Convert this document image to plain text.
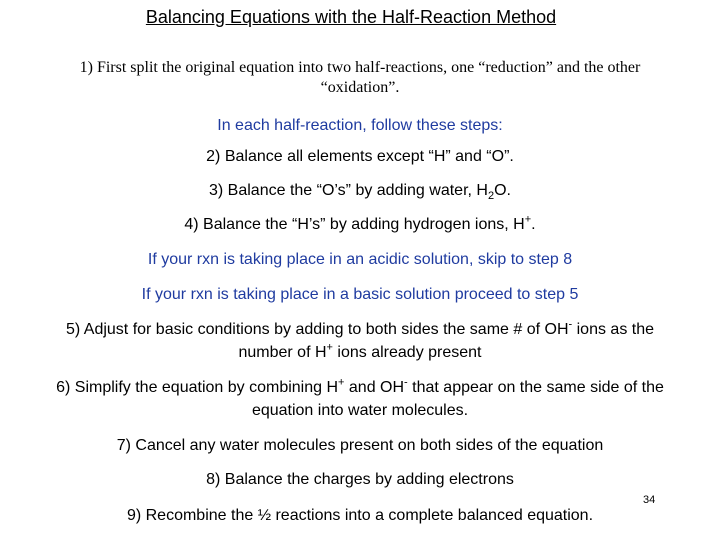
Balancing Equations with the Half-Reaction Method
1) First split the original equation into two half-reactions, one “reduction” and the other
“oxidation”.
In each half-reaction, follow these steps:
2) Balance all elements except “H” and “O”.
3) Balance the “O’s” by adding water, $H_2O$.
4) Balance the “H’s” by adding hydrogen ions, H+.
If your rxn is taking place in an acidic solution, skip to step 8
If your rxn is taking place in a basic solution proceed to step 5
5) Adjust for basic conditions by adding to both sides the same # of OH- ions as the
number of H+ ions already present
6) Simplify the equation by combining H+ and OH- that appear on the same side of the
equation into water molecules.
7) Cancel any water molecules present on both sides of the equation
8) Balance the charges by adding electrons
9) Recombine the ½ reactions into a complete balanced equation.
34
